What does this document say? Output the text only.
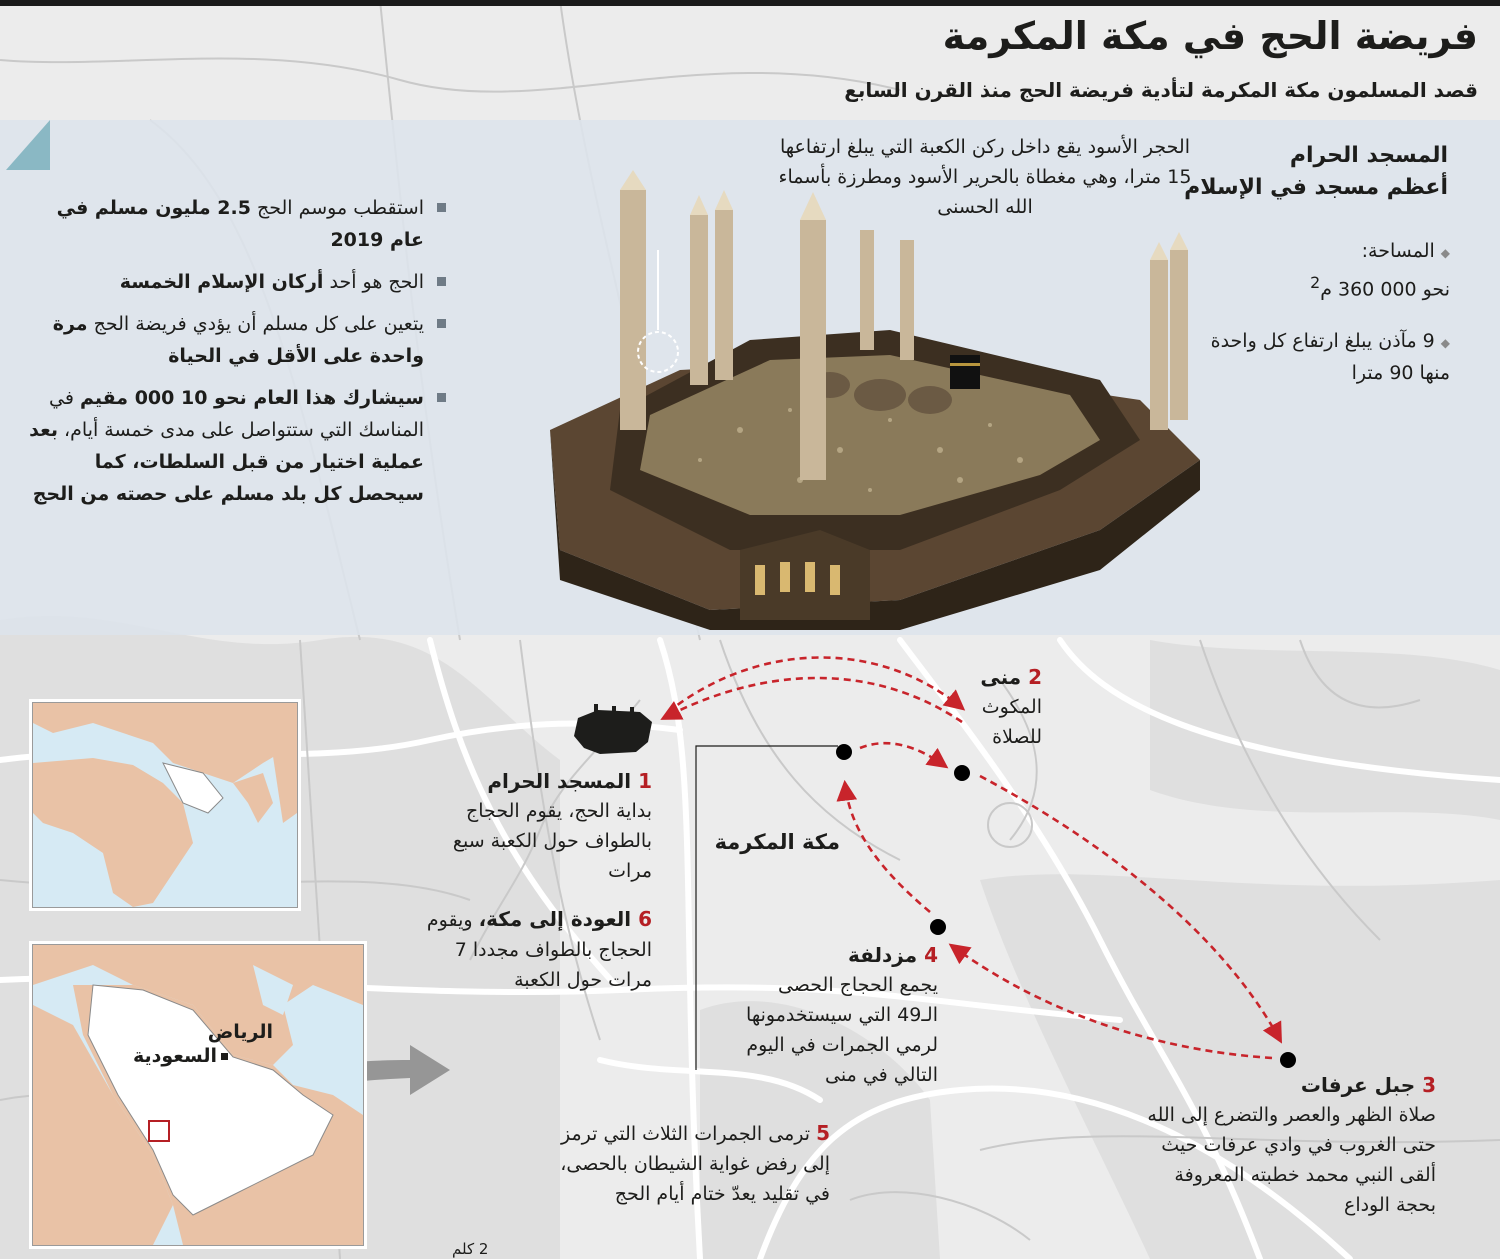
فريضة الحج في مكة المكرمة
قصد المسلمون مكة المكرمة لتأدية فريضة الحج منذ القرن السابع
استقطب موسم الحج 2.5 مليون مسلم في عام 2019
الحج هو أحد أركان الإسلام الخمسة
يتعين على كل مسلم أن يؤدي فريضة الحج مرة واحدة على الأقل في الحياة
سيشارك هذا العام نحو 10 000 مقيم في المناسك التي ستتواصل على مدى خمسة أيام، بعد عملية اختيار من قبل السلطات، كما سيحصل كل بلد مسلم على حصته من الحج
المسجد الحرام
أعظم مسجد في الإسلام
◆المساحة:
نحو 000 360 م$^2$
◆9 مآذن يبلغ ارتفاع كل واحدة منها 90 مترا
الحجر الأسود يقع داخل ركن الكعبة التي يبلغ ارتفاعها 15 مترا، وهي مغطاة بالحرير الأسود ومطرزة بأسماء الله الحسنى
1 المسجد الحرام
بداية الحج، يقوم الحجاج بالطواف حول الكعبة سبع مرات
6 العودة إلى مكة، ويقوم الحجاج بالطواف مجددا 7 مرات حول الكعبة
2 منى
المكوث للصلاة
4 مزدلفة
يجمع الحجاج الحصى الـ49 التي سيستخدمونها لرمي الجمرات في اليوم التالي في منى	3 جبل عرفات
صلاة الظهر والعصر والتضرع إلى الله حتى الغروب في وادي عرفات حيث ألقى النبي محمد خطبته المعروفة بحجة الوداع
5 ترمى الجمرات الثلاث التي ترمز إلى رفض غواية الشيطان بالحصى، في تقليد يعدّ ختام أيام الحج
مكة المكرمة
الرياض
السعودية
2 كلم
